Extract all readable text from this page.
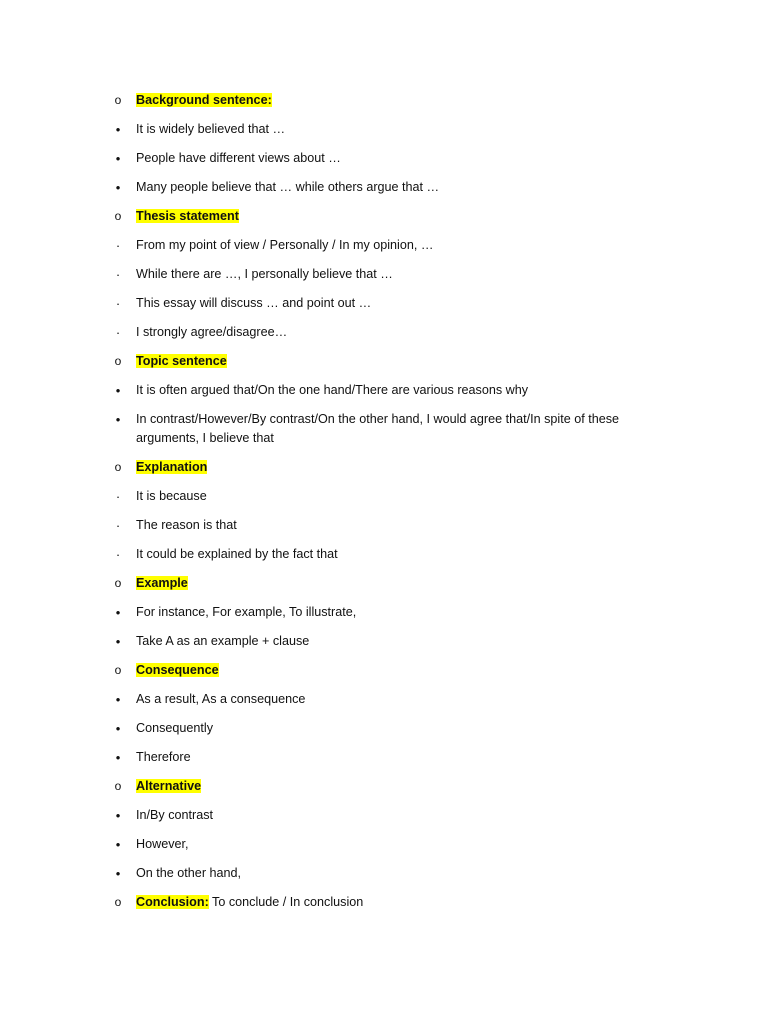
o	Background sentence:
•	It is widely believed that …
•	People have different views about …
•	Many people believe that … while others argue that …
o	Thesis statement
·	From my point of view / Personally / In my opinion, …
·	While there are …, I personally believe that …
·	This essay will discuss … and point out …
·	I strongly agree/disagree…
o	Topic sentence
•	It is often argued that/On the one hand/There are various reasons why
•	In contrast/However/By contrast/On the other hand, I would agree that/In spite of these arguments, I believe that
o	Explanation
·	It is because
·	The reason is that
·	It could be explained by the fact that
o	Example
•	For instance, For example, To illustrate,
•	Take A as an example + clause
o	Consequence
•	As a result, As a consequence
•	Consequently
•	Therefore
o	Alternative
•	In/By contrast
•	However,
•	On the other hand,
o	Conclusion: To conclude / In conclusion
